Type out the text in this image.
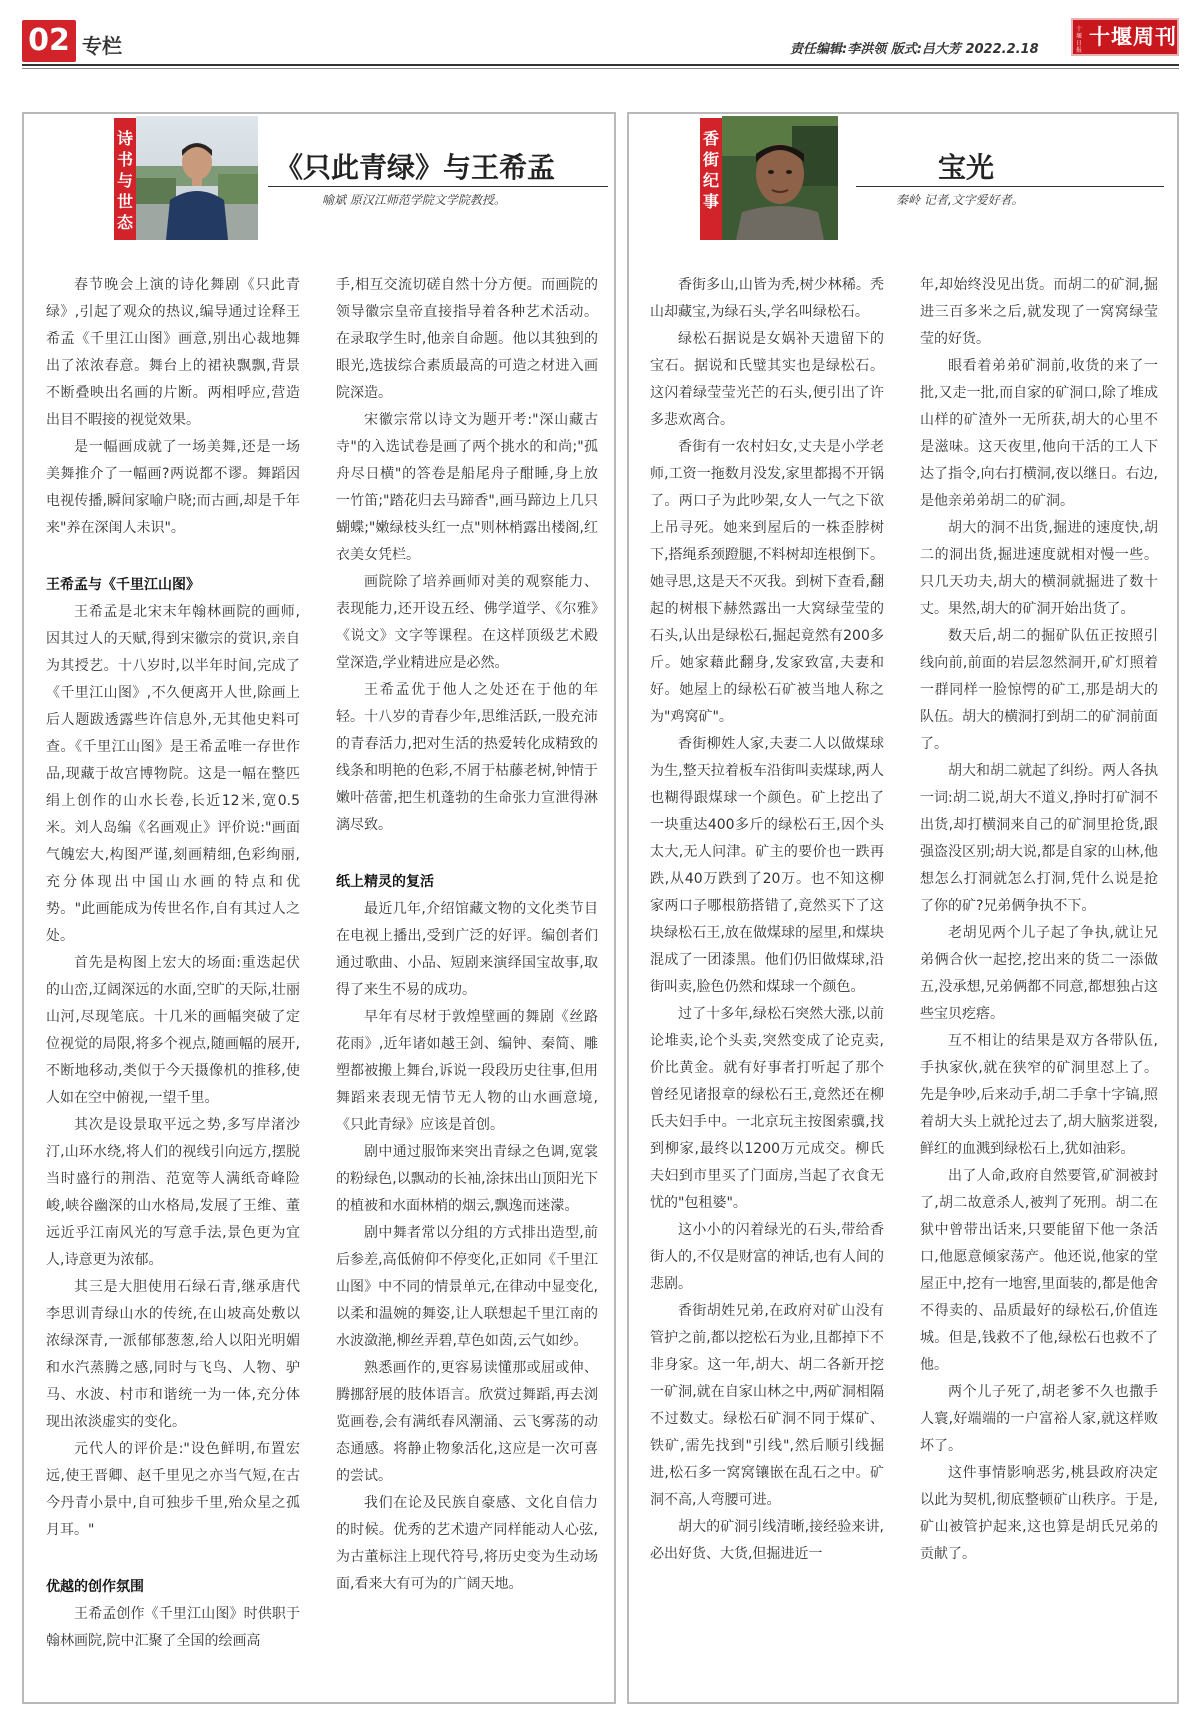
02 专栏	责任编辑:李洪领 版式:吕大芳 2022.2.18
十堰日报
十堰周刊
诗书与世态
《只此青绿》与王希孟
喻斌 原汉江师范学院文学院教授。

春节晚会上演的诗化舞剧《只此青绿》,引起了观众的热议,编导通过诠释王希孟《千里江山图》画意,别出心裁地舞出了浓浓春意。舞台上的裙袂飘飘,背景不断叠映出名画的片断。两相呼应,营造出目不暇接的视觉效果。

是一幅画成就了一场美舞,还是一场美舞推介了一幅画?两说都不谬。舞蹈因电视传播,瞬间家喻户晓;而古画,却是千年来"养在深闺人未识"。

王希孟与《千里江山图》

王希孟是北宋末年翰林画院的画师,因其过人的天赋,得到宋徽宗的赏识,亲自为其授艺。十八岁时,以半年时间,完成了《千里江山图》,不久便离开人世,除画上后人题跋透露些许信息外,无其他史料可查。《千里江山图》是王希孟唯一存世作品,现藏于故宫博物院。这是一幅在整匹绢上创作的山水长卷,长近12米,宽0.5米。刘人岛编《名画观止》评价说:"画面气魄宏大,构图严谨,刻画精细,色彩绚丽,充分体现出中国山水画的特点和优势。"此画能成为传世名作,自有其过人之处。

首先是构图上宏大的场面:重迭起伏的山峦,辽阔深远的水面,空旷的天际,壮丽山河,尽现笔底。十几米的画幅突破了定位视觉的局限,将多个视点,随画幅的展开,不断地移动,类似于今天摄像机的推移,使人如在空中俯视,一望千里。

其次是设景取平远之势,多写岸渚沙汀,山环水绕,将人们的视线引向远方,摆脱当时盛行的荆浩、范宽等人满纸奇峰险峻,峡谷幽深的山水格局,发展了王维、董远近乎江南风光的写意手法,景色更为宜人,诗意更为浓郁。

其三是大胆使用石绿石青,继承唐代李思训青绿山水的传统,在山坡高处敷以浓绿深青,一派郁郁葱葱,给人以阳光明媚和水汽蒸腾之感,同时与飞鸟、人物、驴马、水波、村市和谐统一为一体,充分体现出浓淡虚实的变化。

元代人的评价是:"设色鲜明,布置宏远,使王晋卿、赵千里见之亦当气短,在古今丹青小景中,自可独步千里,殆众星之孤月耳。"

优越的创作氛围

王希孟创作《千里江山图》时供职于翰林画院,院中汇聚了全国的绘画高

手,相互交流切磋自然十分方便。而画院的领导徽宗皇帝直接指导着各种艺术活动。在录取学生时,他亲自命题。他以其独到的眼光,选拔综合素质最高的可造之材进入画院深造。

宋徽宗常以诗文为题开考:"深山藏古寺"的入选试卷是画了两个挑水的和尚;"孤舟尽日横"的答卷是船尾舟子酣睡,身上放一竹笛;"踏花归去马蹄香",画马蹄边上几只蝴蝶;"嫩绿枝头红一点"则林梢露出楼阁,红衣美女凭栏。

画院除了培养画师对美的观察能力、表现能力,还开设五经、佛学道学、《尔雅》《说文》文字等课程。在这样顶级艺术殿堂深造,学业精进应是必然。

王希孟优于他人之处还在于他的年轻。十八岁的青春少年,思维活跃,一股充沛的青春活力,把对生活的热爱转化成精致的线条和明艳的色彩,不屑于枯藤老树,钟情于嫩叶蓓蕾,把生机蓬勃的生命张力宣泄得淋漓尽致。

纸上精灵的复活

最近几年,介绍馆藏文物的文化类节目在电视上播出,受到广泛的好评。编创者们通过歌曲、小品、短剧来演绎国宝故事,取得了来生不易的成功。

早年有尽材于敦煌壁画的舞剧《丝路花雨》,近年诸如越王剑、编钟、秦简、雕塑都被搬上舞台,诉说一段段历史往事,但用舞蹈来表现无情节无人物的山水画意境,《只此青绿》应该是首创。

剧中通过服饰来突出青绿之色调,宽裳的粉绿色,以飘动的长袖,涂抹出山顶阳光下的植被和水面林梢的烟云,飘逸而迷濛。

剧中舞者常以分组的方式排出造型,前后参差,高低俯仰不停变化,正如同《千里江山图》中不同的情景单元,在律动中显变化,以柔和温婉的舞姿,让人联想起千里江南的水波潋滟,柳丝弄碧,草色如茵,云气如纱。

熟悉画作的,更容易读懂那或屈或伸、腾挪舒展的肢体语言。欣赏过舞蹈,再去浏览画卷,会有满纸春风潮涌、云飞雾荡的动态通感。将静止物象活化,这应是一次可喜的尝试。

我们在论及民族自豪感、文化自信力的时候。优秀的艺术遗产同样能动人心弦,为古董标注上现代符号,将历史变为生动场面,看来大有可为的广阔天地。

香街纪事
宝光
秦岭 记者,文字爱好者。

香街多山,山皆为秃,树少林稀。秃山却藏宝,为绿石头,学名叫绿松石。

绿松石据说是女娲补天遗留下的宝石。据说和氏璧其实也是绿松石。这闪着绿莹莹光芒的石头,便引出了许多悲欢离合。

香街有一农村妇女,丈夫是小学老师,工资一拖数月没发,家里都揭不开锅了。两口子为此吵架,女人一气之下欲上吊寻死。她来到屋后的一株歪脖树下,搭绳系颈蹬腿,不料树却连根倒下。她寻思,这是天不灭我。到树下查看,翻起的树根下赫然露出一大窝绿莹莹的石头,认出是绿松石,掘起竟然有200多斤。她家藉此翻身,发家致富,夫妻和好。她屋上的绿松石矿被当地人称之为"鸡窝矿"。

香街柳姓人家,夫妻二人以做煤球为生,整天拉着板车沿街叫卖煤球,两人也糊得跟煤球一个颜色。矿上挖出了一块重达400多斤的绿松石王,因个头太大,无人问津。矿主的要价也一跌再跌,从40万跌到了20万。也不知这柳家两口子哪根筋搭错了,竟然买下了这块绿松石王,放在做煤球的屋里,和煤块混成了一团漆黑。他们仍旧做煤球,沿街叫卖,脸色仍然和煤球一个颜色。

过了十多年,绿松石突然大涨,以前论堆卖,论个头卖,突然变成了论克卖,价比黄金。就有好事者打听起了那个曾经见诸报章的绿松石王,竟然还在柳氏夫妇手中。一北京玩主按图索骥,找到柳家,最终以1200万元成交。柳氏夫妇到市里买了门面房,当起了衣食无忧的"包租婆"。

这小小的闪着绿光的石头,带给香街人的,不仅是财富的神话,也有人间的悲剧。

香街胡姓兄弟,在政府对矿山没有管护之前,都以挖松石为业,且都掉下不非身家。这一年,胡大、胡二各新开挖一矿洞,就在自家山林之中,两矿洞相隔不过数丈。绿松石矿洞不同于煤矿、铁矿,需先找到"引线",然后顺引线掘进,松石多一窝窝镶嵌在乱石之中。矿洞不高,人弯腰可进。

胡大的矿洞引线清晰,接经验来讲,必出好货、大货,但掘进近一

年,却始终没见出货。而胡二的矿洞,掘进三百多米之后,就发现了一窝窝绿莹莹的好货。

眼看着弟弟矿洞前,收货的来了一批,又走一批,而自家的矿洞口,除了堆成山样的矿渣外一无所获,胡大的心里不是滋味。这天夜里,他向干活的工人下达了指令,向右打横洞,夜以继日。右边,是他亲弟弟胡二的矿洞。

胡大的洞不出货,掘进的速度快,胡二的洞出货,掘进速度就相对慢一些。只几天功夫,胡大的横洞就掘进了数十丈。果然,胡大的矿洞开始出货了。

数天后,胡二的掘矿队伍正按照引线向前,前面的岩层忽然洞开,矿灯照着一群同样一脸惊愕的矿工,那是胡大的队伍。胡大的横洞打到胡二的矿洞前面了。

胡大和胡二就起了纠纷。两人各执一词:胡二说,胡大不道义,挣时打矿洞不出货,却打横洞来自己的矿洞里抢货,跟强盗没区别;胡大说,都是自家的山林,他想怎么打洞就怎么打洞,凭什么说是抢了你的矿?兄弟俩争执不下。

老胡见两个儿子起了争执,就让兄弟俩合伙一起挖,挖出来的货二一添做五,没承想,兄弟俩都不同意,都想独占这些宝贝疙瘩。

互不相让的结果是双方各带队伍,手执家伙,就在狭窄的矿洞里怼上了。先是争吵,后来动手,胡二手拿十字镐,照着胡大头上就抡过去了,胡大脑浆迸裂,鲜红的血溅到绿松石上,犹如油彩。

出了人命,政府自然要管,矿洞被封了,胡二故意杀人,被判了死刑。胡二在狱中曾带出话来,只要能留下他一条活口,他愿意倾家荡产。他还说,他家的堂屋正中,挖有一地窖,里面装的,都是他舍不得卖的、品质最好的绿松石,价值连城。但是,钱救不了他,绿松石也救不了他。

两个儿子死了,胡老爹不久也撒手人寰,好端端的一户富裕人家,就这样败坏了。

这件事情影响恶劣,桃县政府决定以此为契机,彻底整顿矿山秩序。于是,矿山被管护起来,这也算是胡氏兄弟的贡献了。
